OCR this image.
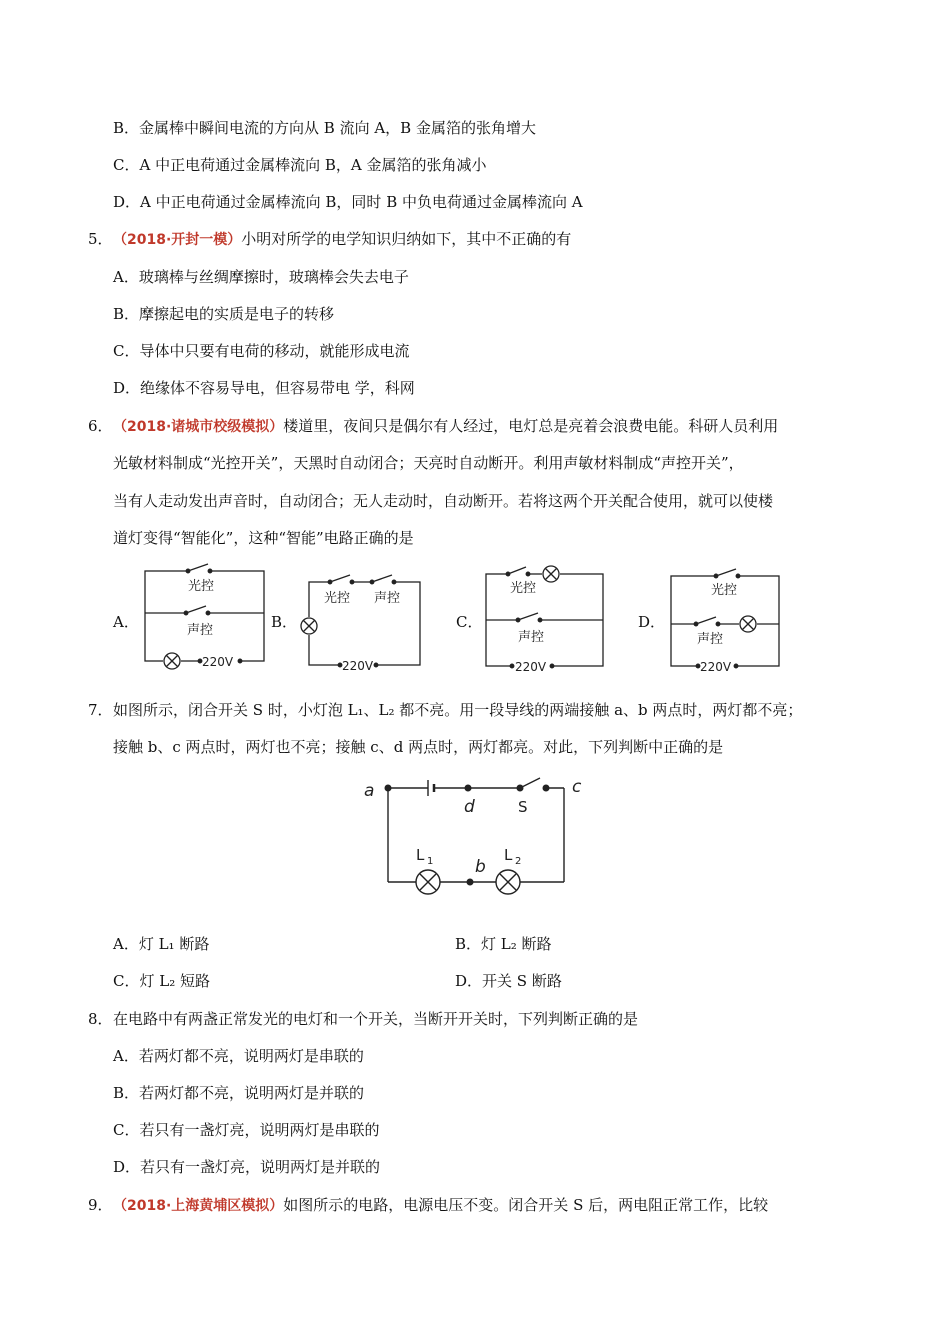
B．金属棒中瞬间电流的方向从 B 流向 A，B 金属箔的张角增大
C．A 中正电荷通过金属棒流向 B，A 金属箔的张角减小
D．A 中正电荷通过金属棒流向 B，同时 B 中负电荷通过金属棒流向 A
5． （2018·开封一模）小明对所学的电学知识归纳如下，其中不正确的有
A．玻璃棒与丝绸摩擦时，玻璃棒会失去电子
B．摩擦起电的实质是电子的转移
C．导体中只要有电荷的移动，就能形成电流
D．绝缘体不容易导电，但容易带电 学，科网
6． （2018·诸城市校级模拟）楼道里，夜间只是偶尔有人经过，电灯总是亮着会浪费电能。科研人员利用
光敏材料制成“光控开关”，天黑时自动闭合；天亮时自动断开。利用声敏材料制成“声控开关”，
当有人走动发出声音时，自动闭合；无人走动时，自动断开。若将这两个开关配合使用，就可以使楼
道灯变得“智能化”，这种“智能”电路正确的是
A．	B．	C．	D．
光控
声控
220V
光控 声控
220V
光控
声控
220V
光控
声控
220V
7． 如图所示，闭合开关 S 时，小灯泡 L₁、L₂ 都不亮。用一段导线的两端接触 a、b 两点时，两灯都不亮；
接触 b、c 两点时，两灯也不亮；接触 c、d 两点时，两灯都亮。对此，下列判断中正确的是
a
d
c
b
S
L 1	L 2
A．灯 L₁ 断路	B．灯 L₂ 断路
C．灯 L₂ 短路	D．开关 S 断路
8． 在电路中有两盏正常发光的电灯和一个开关，当断开开关时，下列判断正确的是
A．若两灯都不亮，说明两灯是串联的
B．若两灯都不亮，说明两灯是并联的
C．若只有一盏灯亮，说明两灯是串联的
D．若只有一盏灯亮，说明两灯是并联的
9． （2018·上海黄埔区模拟）如图所示的电路，电源电压不变。闭合开关 S 后，两电阻正常工作，比较
